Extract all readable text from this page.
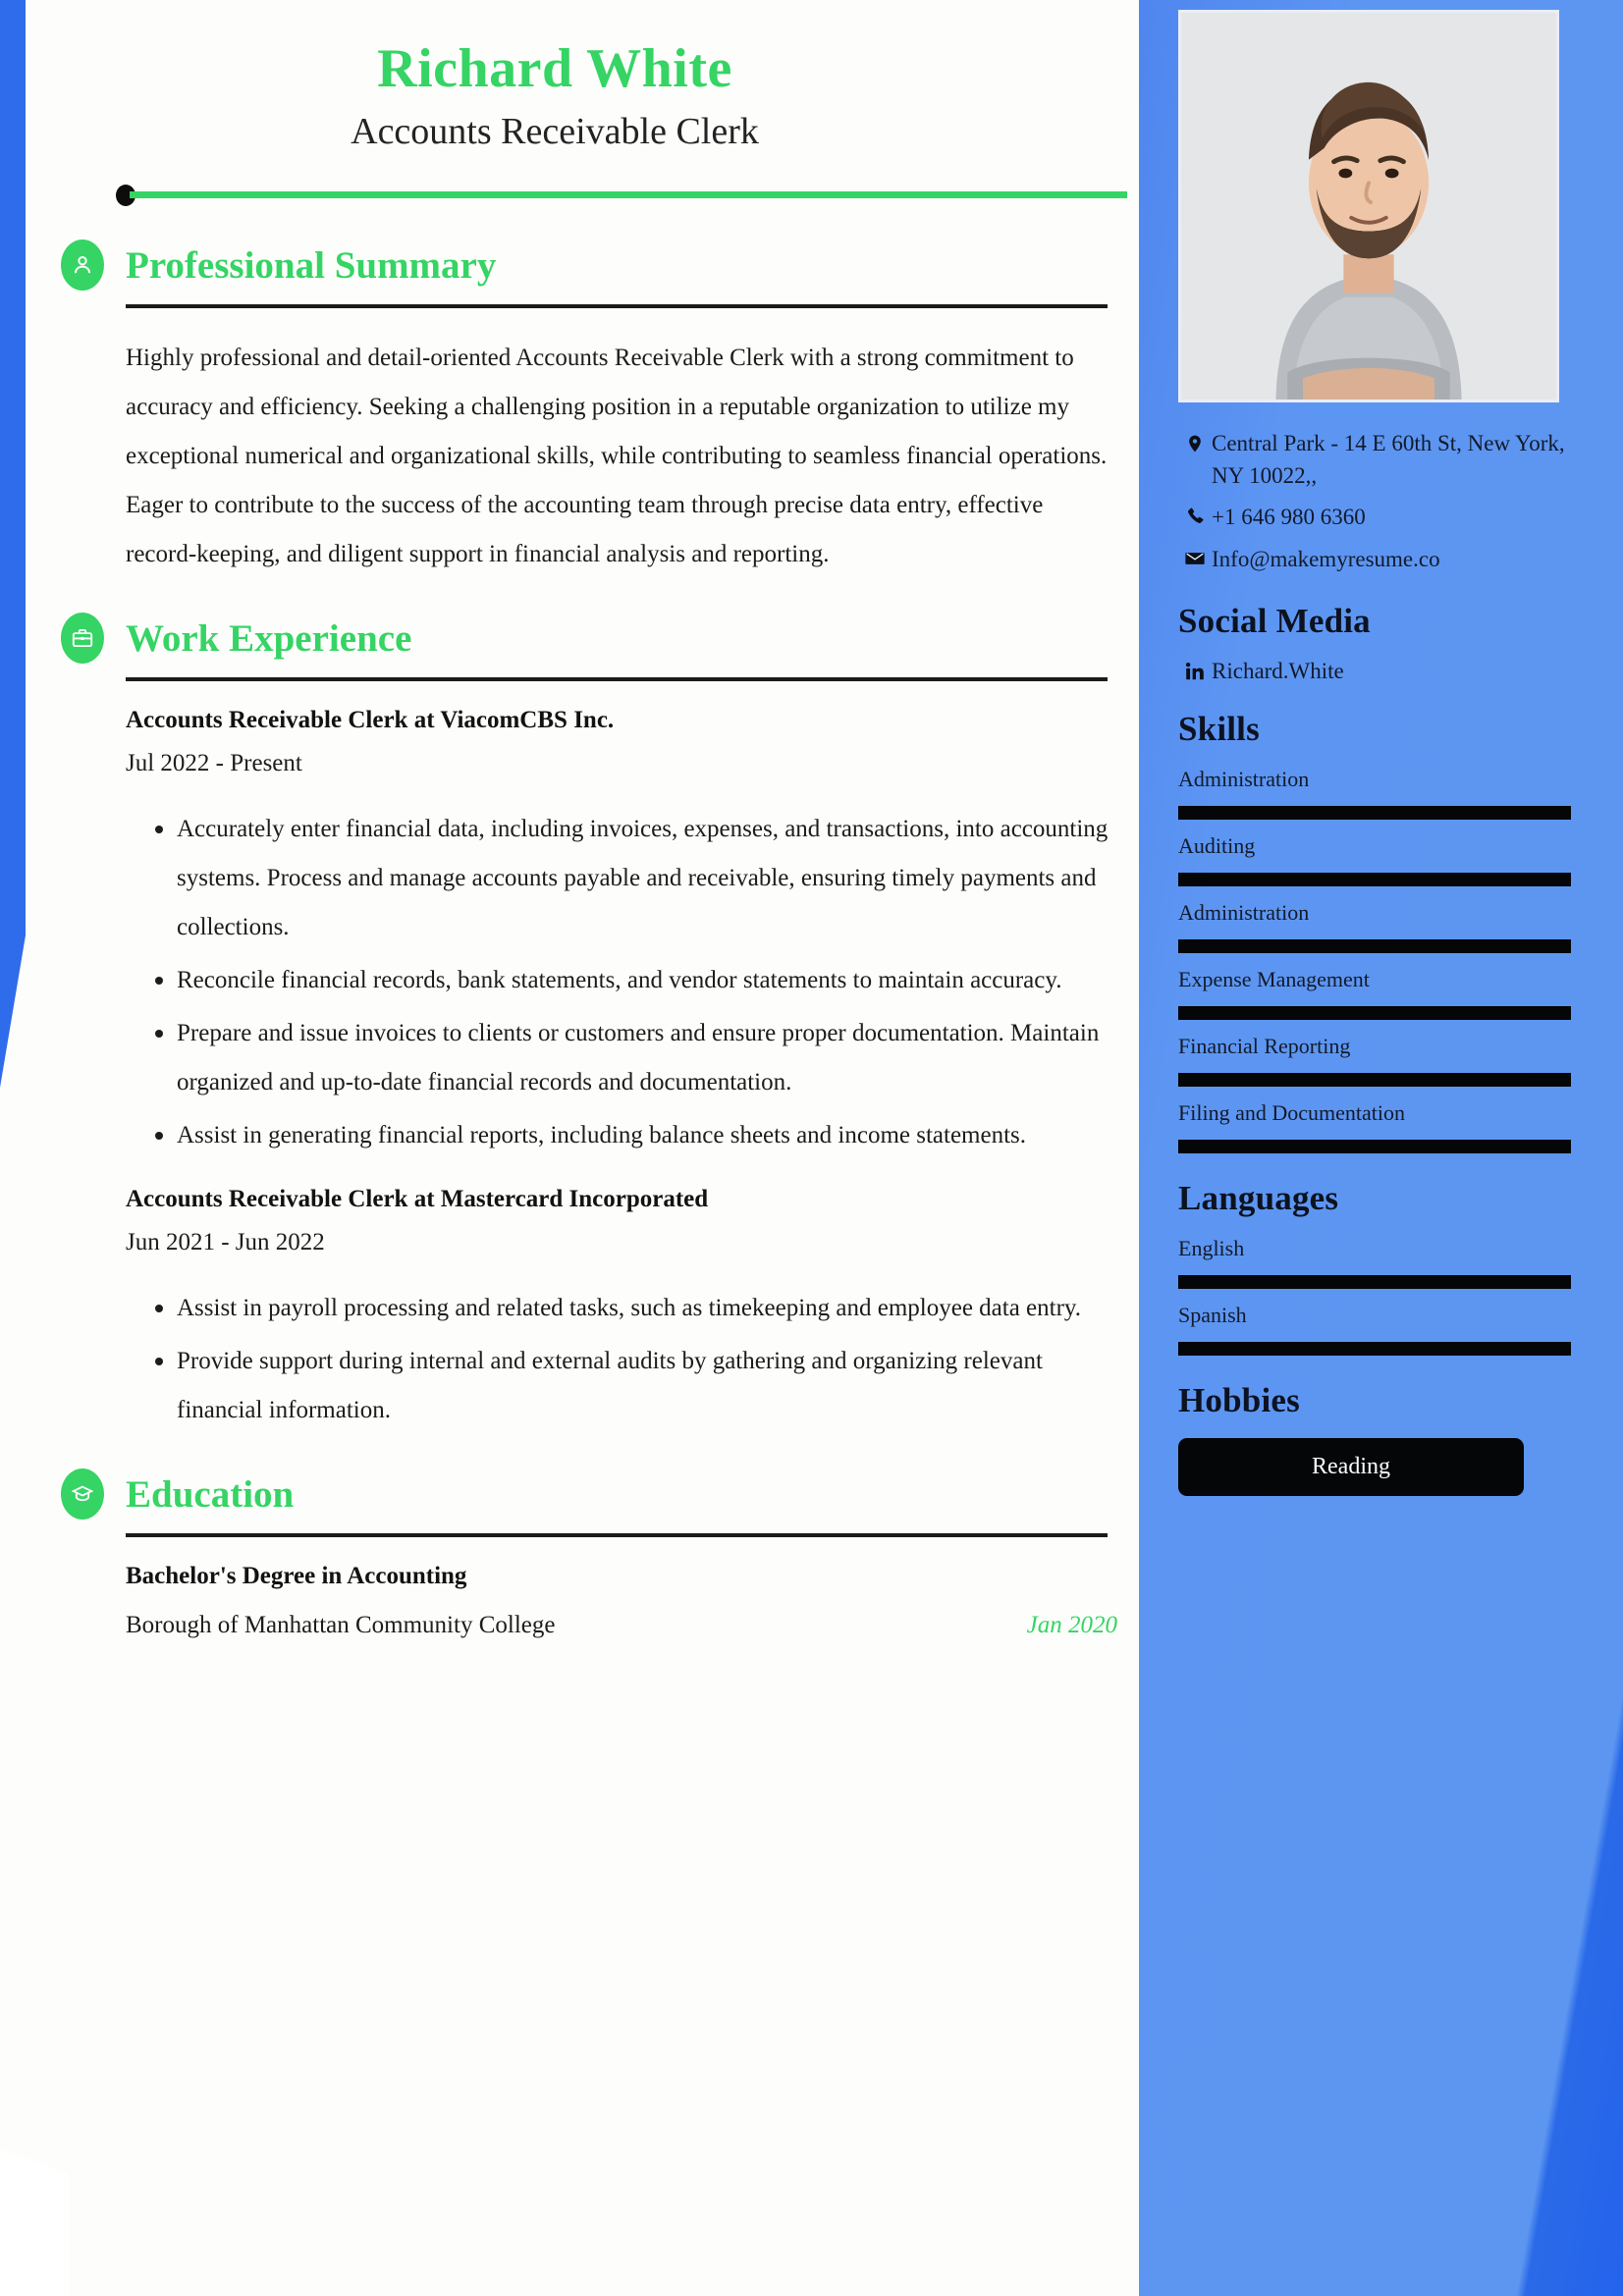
Richard White
Accounts Receivable Clerk
Professional Summary

Highly professional and detail-oriented Accounts Receivable Clerk with a strong commitment to accuracy and efficiency. Seeking a challenging position in a reputable organization to utilize my exceptional numerical and organizational skills, while contributing to seamless financial operations. Eager to contribute to the success of the accounting team through precise data entry, effective record-keeping, and diligent support in financial analysis and reporting.

Work Experience
Accounts Receivable Clerk at ViacomCBS Inc.
Jul 2022 - Present
• Accurately enter financial data, including invoices, expenses, and transactions, into accounting systems. Process and manage accounts payable and receivable, ensuring timely payments and collections.
• Reconcile financial records, bank statements, and vendor statements to maintain accuracy.
• Prepare and issue invoices to clients or customers and ensure proper documentation. Maintain organized and up-to-date financial records and documentation.
• Assist in generating financial reports, including balance sheets and income statements.
Accounts Receivable Clerk at Mastercard Incorporated
Jun 2021 - Jun 2022
• Assist in payroll processing and related tasks, such as timekeeping and employee data entry.
• Provide support during internal and external audits by gathering and organizing relevant financial information.
Education
Bachelor's Degree in Accounting
Borough of Manhattan Community College	Jan 2020
Central Park - 14 E 60th St, New York, NY 10022,,
+1 646 980 6360
Info@makemyresume.co
Social Media
Richard.White
Skills
Administration
Auditing
Administration
Expense Management
Financial Reporting
Filing and Documentation
Languages
English
Spanish
Hobbies
Reading
